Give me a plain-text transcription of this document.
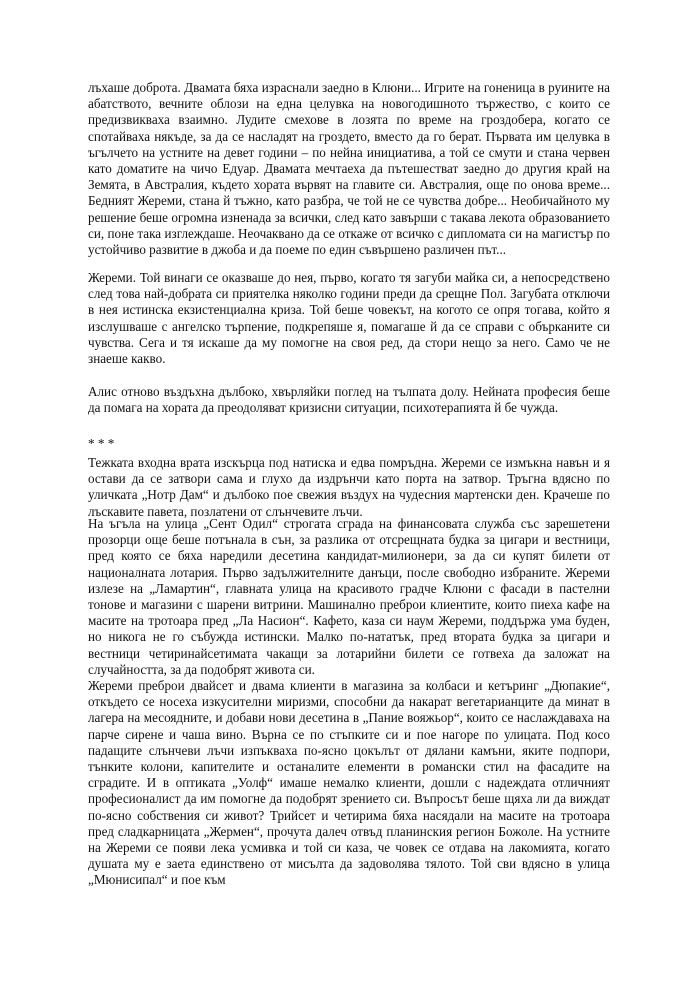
лъхаше доброта. Двамата бяха израснали заедно в Клюни... Игрите на гоненица в руините на абатството, вечните облози на една целувка на новогодишното тържество, с които се предизвикваха взаимно. Лудите смехове в лозята по време на гроздобера, когато се спотайваха някъде, за да се насладят на гроздето, вместо да го берат. Първата им целувка в ъгълчето на устните на девет години – по нейна инициатива, а той се смути и стана червен като доматите на чичо Едуар. Двамата мечтаеха да пътешестват заедно до другия край на Земята, в Австралия, където хората вървят на главите си. Австралия, още по онова време... Бедният Жереми, стана й тъжно, като разбра, че той не се чувства добре... Необичайното му решение беше огромна изненада за всички, след като завърши с такава лекота образованието си, поне така изглеждаше. Неочаквано да се откаже от всичко с дипломата си на магистър по устойчиво развитие в джоба и да поеме по един съвършено различен път...

Жереми. Той винаги се оказваше до нея, първо, когато тя загуби майка си, а непосредствено след това най-добрата си приятелка няколко години преди да срещне Пол. Загубата отключи в нея истинска екзистенциална криза. Той беше човекът, на когото се опря тогава, който я изслушваше с ангелско търпение, подкрепяше я, помагаше й да се справи с обърканите си чувства. Сега и тя искаше да му помогне на своя ред, да стори нещо за него. Само че не знаеше какво.

Алис отново въздъхна дълбоко, хвърляйки поглед на тълпата долу. Нейната професия беше да помага на хората да преодоляват кризисни ситуации, психотерапията й бе чужда.

* * *

Тежката входна врата изскърца под натиска и едва помръдна. Жереми се измъкна навън и я остави да се затвори сама и глухо да издрънчи като порта на затвор. Тръгна вдясно по уличката „Нотр Дам“ и дълбоко пое свежия въздух на чудесния мартенски ден. Крачеше по лъскавите павета, позлатени от слънчевите лъчи.

На ъгъла на улица „Сент Одил“ строгата сграда на финансовата служба със зарешетени прозорци още беше потънала в сън, за разлика от отсрещната будка за цигари и вестници, пред която се бяха наредили десетина кандидат-милионери, за да си купят билети от националната лотария. Първо задължителните данъци, после свободно избраните. Жереми излезе на „Ламартин“, главната улица на красивото градче Клюни с фасади в пастелни тонове и магазини с шарени витрини. Машинално преброи клиентите, които пиеха кафе на масите на тротоара пред „Ла Насион“. Кафето, каза си наум Жереми, поддържа ума буден, но никога не го събужда истински. Малко по-нататък, пред втората будка за цигари и вестници четиринайсетимата чакащи за лотарийни билети се готвеха да заложат на случайността, за да подобрят живота си.

Жереми преброи двайсет и двама клиенти в магазина за колбаси и кетъринг „Дюпакие“, откъдето се носеха изкусителни миризми, способни да накарат вегетарианците да минат в лагера на месоядните, и добави нови десетина в „Пание вояжьор“, които се наслаждаваха на парче сирене и чаша вино. Върна се по стъпките си и пое нагоре по улицата. Под косо падащите слънчеви лъчи изпъкваха по-ясно цокълът от дялани камъни, яките подпори, тънките колони, капителите и останалите елементи в романски стил на фасадите на сградите. И в оптиката „Уолф“ имаше немалко клиенти, дошли с надеждата отличният професионалист да им помогне да подобрят зрението си. Въпросът беше щяха ли да виждат по-ясно собствения си живот? Трийсет и четирима бяха насядали на масите на тротоара пред сладкарницата „Жермен“, прочута далеч отвъд планинския регион Божоле. На устните на Жереми се появи лека усмивка и той си каза, че човек се отдава на лакомията, когато душата му е заета единствено от мисълта да задоволява тялото. Той сви вдясно в улица „Мюнисипал“ и пое към
